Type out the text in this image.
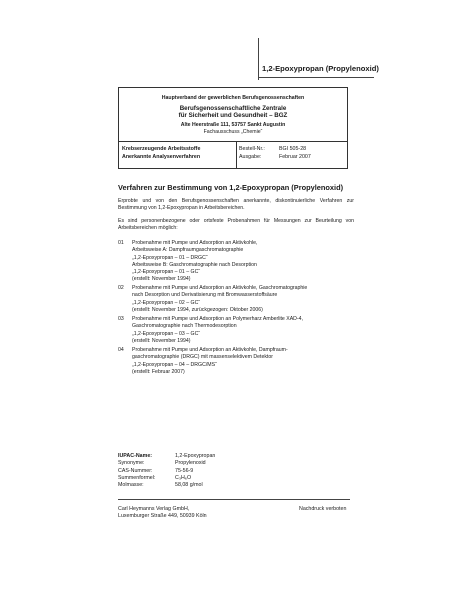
1,2-Epoxypropan (Propylenoxid)
Hauptverband der gewerblichen Berufsgenossenschaften
Berufsgenossenschaftliche Zentrale
für Sicherheit und Gesundheit – BGZ
Alte Heerstraße 111, 53757 Sankt Augustin
Fachausschuss „Chemie“
Krebserzeugende Arbeitsstoffe
Anerkannte Analysenverfahren
Bestell-Nr.:	BGI 505-28
Ausgabe:	Februar 2007
Verfahren zur Bestimmung von 1,2-Epoxypropan (Propylenoxid)

Erprobte und von den Berufsgenossenschaften anerkannte, diskontinuierliche Verfahren zur Bestimmung von 1,2-Epoxypropan in Arbeitsbereichen.

Es sind personenbezogene oder ortsfeste Probenahmen für Messungen zur Beurteilung von Arbeitsbereichen möglich:

01 Probenahme mit Pumpe und Adsorption an Aktivkohle,
Arbeitsweise A: Dampfraumgaschromatographie
„1,2-Epoxypropan – 01 – DRGC“
Arbeitsweise B: Gaschromatographie nach Desorption
„1,2-Epoxypropan – 01 – GC“
(erstellt: November 1994)
02 Probenahme mit Pumpe und Adsorption an Aktivkohle, Gaschromatographie
nach Desorption und Derivatisierung mit Bromwasserstoffsäure
„1,2-Epoxypropan – 02 – GC“
(erstellt: November 1994, zurückgezogen: Oktober 2006)
03 Probenahme mit Pumpe und Adsorption an Polymerharz Amberlite XAD-4,
Gaschromatographie nach Thermodesorption
„1,2-Epoxypropan – 03 – GC“
(erstellt: November 1994)
04 Probenahme mit Pumpe und Adsorption an Aktivkohle, Dampfraum-
gaschromatographie (DRGC) mit massenselektivem Detektor
„1,2-Epoxypropan – 04 – DRGC/MS“
(erstellt: Februar 2007)
IUPAC-Name:	1,2-Epoxypropan
Synonyme:	Propylenoxid
CAS-Nummer:	75-56-9
Summenformel:	C₃H₆O
Molmasse:	58,08 g/mol
Carl Heymanns Verlag GmbH,
Luxemburger Straße 449, 50939 Köln
Nachdruck verboten
